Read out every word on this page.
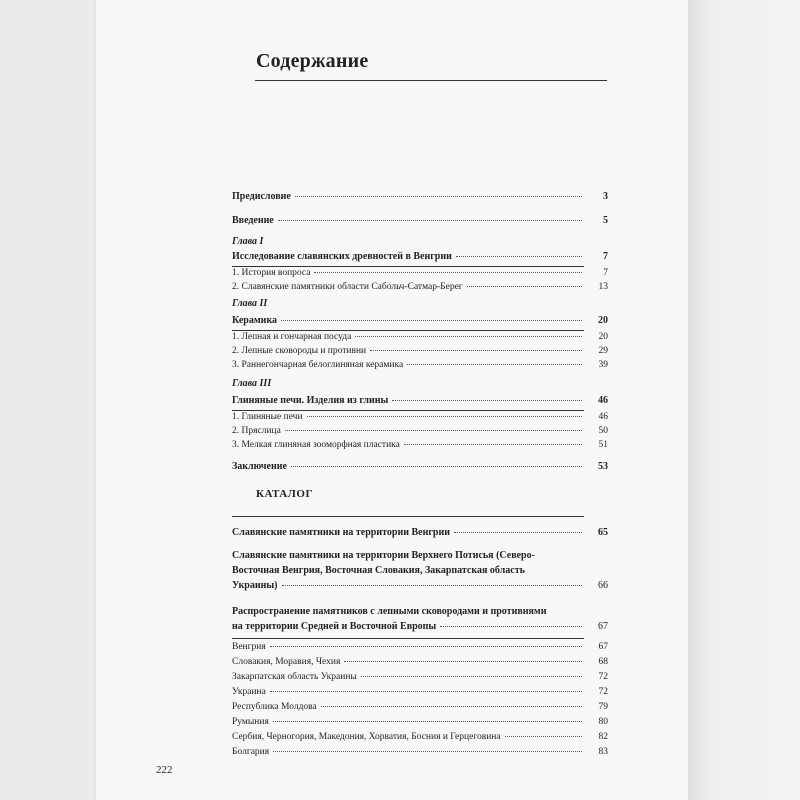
Содержание
Предисловие	3
Введение	5
Глава I
Исследование славянских древностей в Венгрии	7
1. История вопроса	7
2. Славянские памятники области Сабольч-Сатмар-Берег	13
Глава II
Керамика	20
1. Лепная и гончарная посуда	20
2. Лепные сковороды и противни	29
3. Раннегончарная белоглиняная керамика	39
Глава III
Глиняные печи. Изделия из глины	46
1. Глиняные печи	46
2. Пряслица	50
3. Мелкая глиняная зооморфная пластика	51
Заключение	53
КАТАЛОГ
Славянские памятники на территории Венгрии	65
Славянские памятники на территории Верхнего Потисья (Северо-
Восточная Венгрия, Восточная Словакия, Закарпатская область
Украины)	66
Распространение памятников с лепными сковородами и противнями
на территории Средней и Восточной Европы	67
Венгрия	67
Словакия, Моравия, Чехия	68
Закарпатская область Украины	72
Украина	72
Республика Молдова	79
Румыния	80
Сербия, Черногория, Македония, Хорватия, Босния и Герцеговина	82
Болгария	83
222
